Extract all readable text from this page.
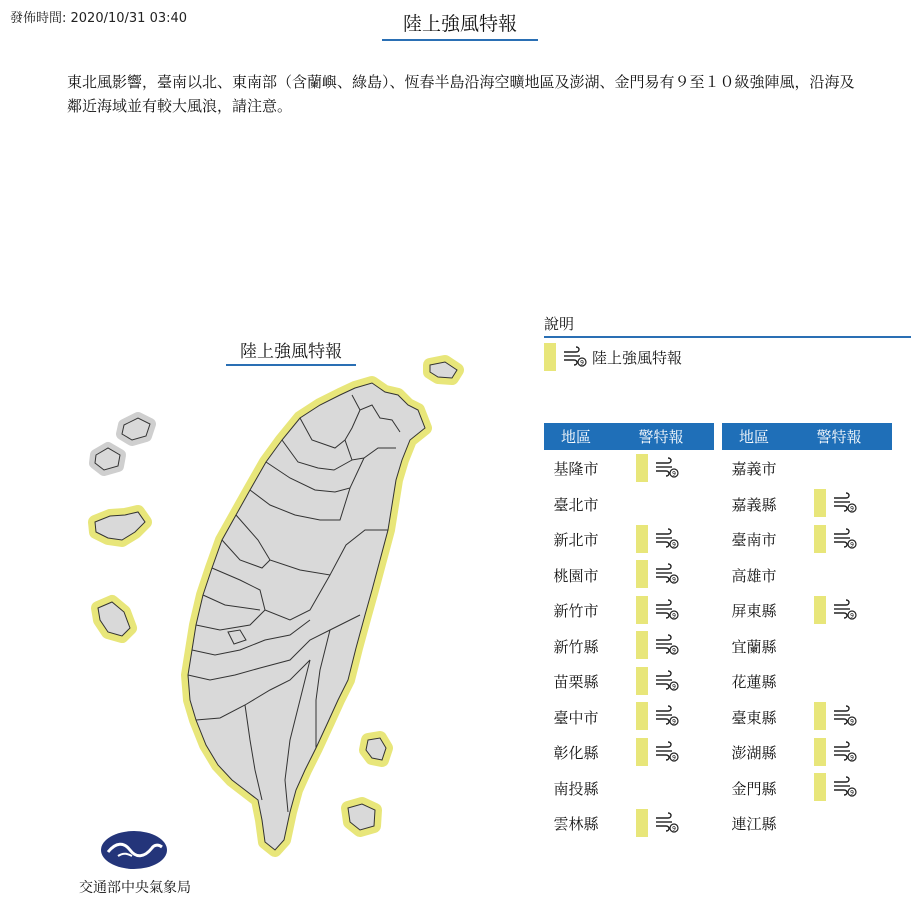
發佈時間: 2020/10/31 03:40	陸上強風特報
東北風影響，臺南以北、東南部（含蘭嶼、綠島）、恆春半島沿海空曠地區及澎湖、金門易有９至１０級強陣風，沿海及鄰近海域並有較大風浪，請注意。
陸上強風特報
交通部中央氣象局
說明
9 陸上強風特報
地區	警特報
基隆市	9
臺北市
新北市	9
桃園市	9
新竹市	9
新竹縣	9
苗栗縣	9
臺中市	9
彰化縣	9
南投縣
雲林縣	9
地區	警特報
嘉義市
嘉義縣	9
臺南市	9
高雄市
屏東縣	9
宜蘭縣
花蓮縣
臺東縣	9
澎湖縣	9
金門縣	9
連江縣
